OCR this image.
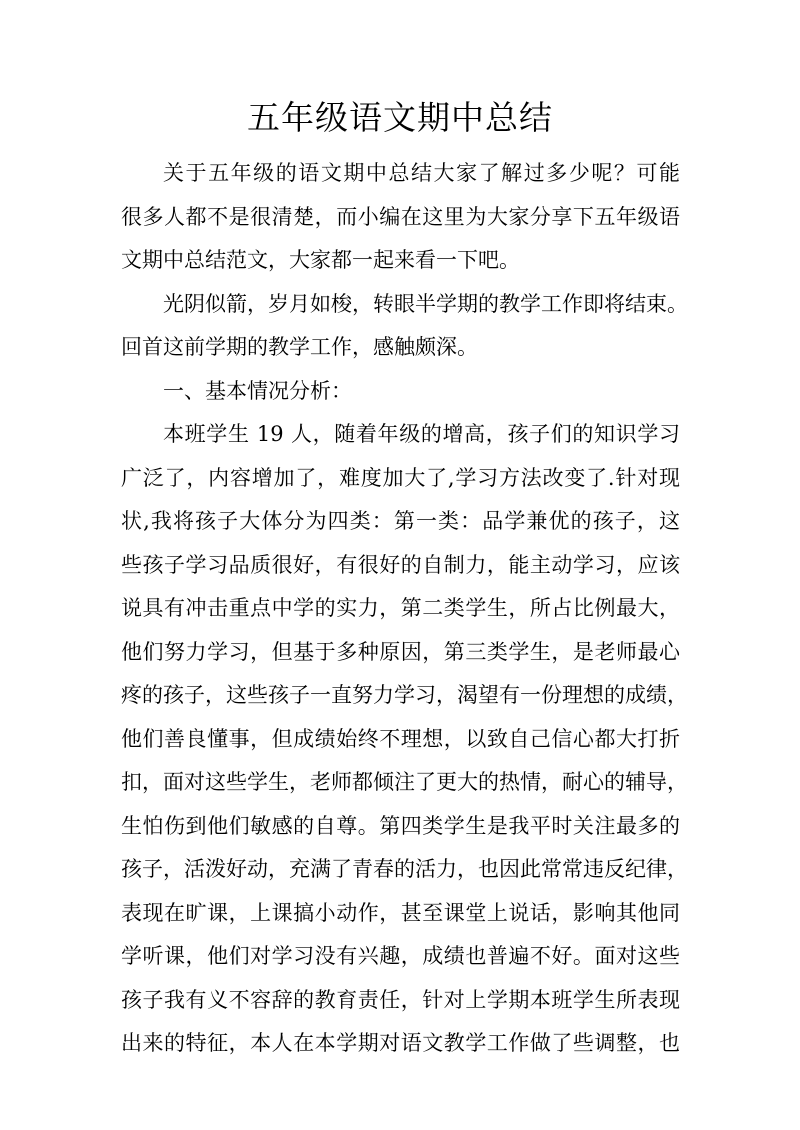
五年级语文期中总结

关于五年级的语文期中总结大家了解过多少呢？可能
很多人都不是很清楚，而小编在这里为大家分享下五年级语
文期中总结范文，大家都一起来看一下吧。

光阴似箭，岁月如梭，转眼半学期的教学工作即将结束。
回首这前学期的教学工作，感触颇深。

一、基本情况分析：

本班学生 19 人，随着年级的增高，孩子们的知识学习
广泛了，内容增加了，难度加大了,学习方法改变了.针对现
状,我将孩子大体分为四类：第一类：品学兼优的孩子，这
些孩子学习品质很好，有很好的自制力，能主动学习，应该
说具有冲击重点中学的实力，第二类学生，所占比例最大，
他们努力学习，但基于多种原因，第三类学生，是老师最心
疼的孩子，这些孩子一直努力学习，渴望有一份理想的成绩，
他们善良懂事，但成绩始终不理想，以致自己信心都大打折
扣，面对这些学生，老师都倾注了更大的热情，耐心的辅导，
生怕伤到他们敏感的自尊。第四类学生是我平时关注最多的
孩子，活泼好动，充满了青春的活力，也因此常常违反纪律，
表现在旷课，上课搞小动作，甚至课堂上说话，影响其他同
学听课，他们对学习没有兴趣，成绩也普遍不好。面对这些
孩子我有义不容辞的教育责任，针对上学期本班学生所表现
出来的特征，本人在本学期对语文教学工作做了些调整，也
